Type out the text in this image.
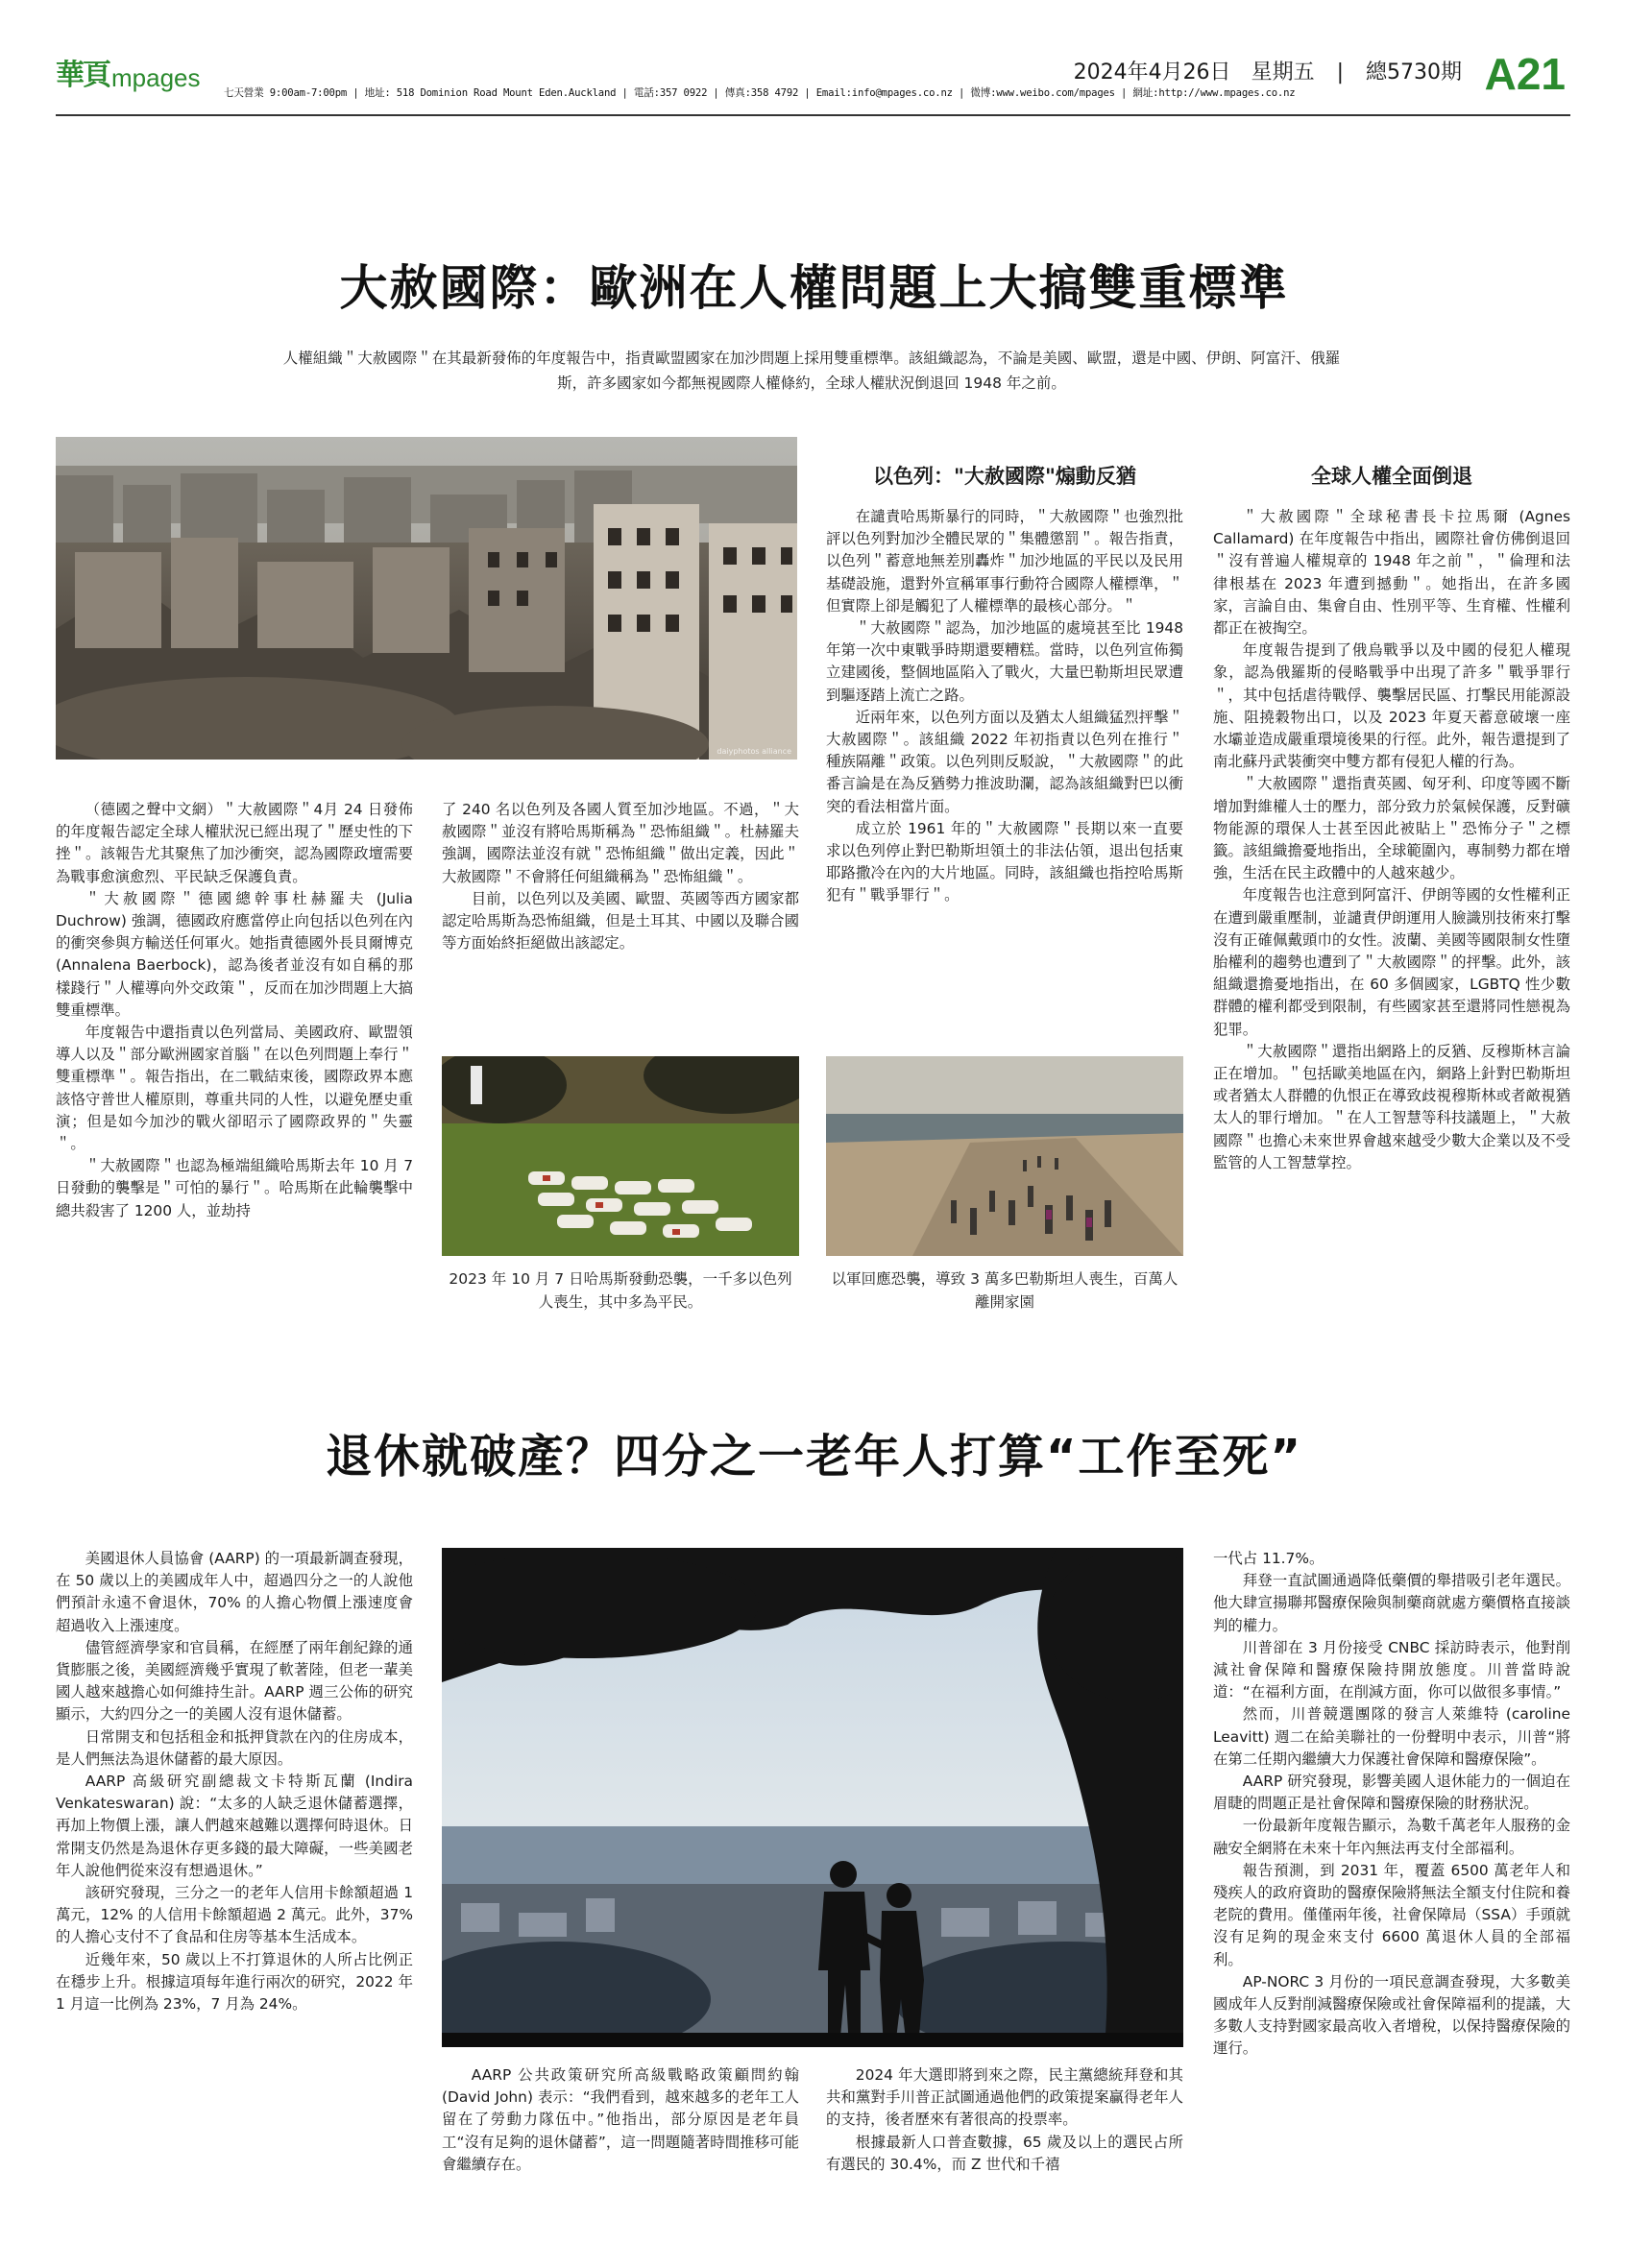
華頁 mpages
七天營業 9:00am-7:00pm | 地址: 518 Dominion Road Mount Eden.Auckland | 電話:357 0922 | 傳真:358 4792 | Email:info@mpages.co.nz | 微博:www.weibo.com/mpages | 網址:http://www.mpages.co.nz
2024年4月26日 星期五 | 總5730期 A21
大赦國際：歐洲在人權問題上大搞雙重標準
人權組織＂大赦國際＂在其最新發佈的年度報告中，指責歐盟國家在加沙問題上採用雙重標準。該組織認為，不論是美國、歐盟，還是中國、伊朗、阿富汗、俄羅斯，許多國家如今都無視國際人權條約，全球人權狀況倒退回 1948 年之前。
daiyphotos alliance

（德國之聲中文網）＂大赦國際＂4月 24 日發佈的年度報告認定全球人權狀況已經出現了＂歷史性的下挫＂。該報告尤其聚焦了加沙衝突，認為國際政壇需要為戰事愈演愈烈、平民缺乏保護負責。

＂大赦國際＂德國總幹事杜赫羅夫 (Julia Duchrow) 強調，德國政府應當停止向包括以色列在內的衝突參與方輸送任何軍火。她指責德國外長貝爾博克 (Annalena Baerbock)，認為後者並沒有如自稱的那樣踐行＂人權導向外交政策＂，反而在加沙問題上大搞雙重標準。

年度報告中還指責以色列當局、美國政府、歐盟領導人以及＂部分歐洲國家首腦＂在以色列問題上奉行＂雙重標準＂。報告指出，在二戰結束後，國際政界本應該恪守普世人權原則，尊重共同的人性，以避免歷史重演；但是如今加沙的戰火卻昭示了國際政界的＂失靈＂。

＂大赦國際＂也認為極端組織哈馬斯去年 10 月 7 日發動的襲擊是＂可怕的暴行＂。哈馬斯在此輪襲擊中總共殺害了 1200 人，並劫持

了 240 名以色列及各國人質至加沙地區。不過，＂大赦國際＂並沒有將哈馬斯稱為＂恐怖組織＂。杜赫羅夫強調，國際法並沒有就＂恐怖組織＂做出定義，因此＂大赦國際＂不會將任何組織稱為＂恐怖組織＂。

目前，以色列以及美國、歐盟、英國等西方國家都認定哈馬斯為恐怖組織，但是土耳其、中國以及聯合國等方面始終拒絕做出該認定。

以色列："大赦國際"煽動反猶

在譴責哈馬斯暴行的同時，＂大赦國際＂也強烈批評以色列對加沙全體民眾的＂集體懲罰＂。報告指責，以色列＂蓄意地無差別轟炸＂加沙地區的平民以及民用基礎設施，還對外宣稱軍事行動符合國際人權標準，＂但實際上卻是觸犯了人權標準的最核心部分。＂

＂大赦國際＂認為，加沙地區的處境甚至比 1948 年第一次中東戰爭時期還要糟糕。當時，以色列宣佈獨立建國後，整個地區陷入了戰火，大量巴勒斯坦民眾遭到驅逐踏上流亡之路。

近兩年來，以色列方面以及猶太人組織猛烈抨擊＂大赦國際＂。該組織 2022 年初指責以色列在推行＂種族隔離＂政策。以色列則反駁說，＂大赦國際＂的此番言論是在為反猶勢力推波助瀾，認為該組織對巴以衝突的看法相當片面。

成立於 1961 年的＂大赦國際＂長期以來一直要求以色列停止對巴勒斯坦領土的非法佔領，退出包括東耶路撒冷在內的大片地區。同時，該組織也指控哈馬斯犯有＂戰爭罪行＂。

全球人權全面倒退

＂大赦國際＂全球秘書長卡拉馬爾 (Agnes Callamard) 在年度報告中指出，國際社會仿佛倒退回＂沒有普遍人權規章的 1948 年之前＂，＂倫理和法律根基在 2023 年遭到撼動＂。她指出，在許多國家，言論自由、集會自由、性別平等、生育權、性權利都正在被掏空。

年度報告提到了俄烏戰爭以及中國的侵犯人權現象，認為俄羅斯的侵略戰爭中出現了許多＂戰爭罪行＂，其中包括虐待戰俘、襲擊居民區、打擊民用能源設施、阻撓穀物出口，以及 2023 年夏天蓄意破壞一座水壩並造成嚴重環境後果的行徑。此外，報告還提到了南北蘇丹武裝衝突中雙方都有侵犯人權的行為。

＂大赦國際＂還指責英國、匈牙利、印度等國不斷增加對維權人士的壓力，部分致力於氣候保護，反對礦物能源的環保人士甚至因此被貼上＂恐怖分子＂之標籤。該組織擔憂地指出，全球範圍內，專制勢力都在增強，生活在民主政體中的人越來越少。

年度報告也注意到阿富汗、伊朗等國的女性權利正在遭到嚴重壓制，並譴責伊朗運用人臉識別技術來打擊沒有正確佩戴頭巾的女性。波蘭、美國等國限制女性墮胎權利的趨勢也遭到了＂大赦國際＂的抨擊。此外，該組織還擔憂地指出，在 60 多個國家，LGBTQ 性少數群體的權利都受到限制，有些國家甚至還將同性戀視為犯罪。

＂大赦國際＂還指出網路上的反猶、反穆斯林言論正在增加。＂包括歐美地區在內，網路上針對巴勒斯坦或者猶太人群體的仇恨正在導致歧視穆斯林或者敵視猶太人的罪行增加。＂在人工智慧等科技議題上，＂大赦國際＂也擔心未來世界會越來越受少數大企業以及不受監管的人工智慧掌控。

2023 年 10 月 7 日哈馬斯發動恐襲，一千多以色列人喪生，其中多為平民。
以軍回應恐襲，導致 3 萬多巴勒斯坦人喪生，百萬人離開家園
退休就破產？四分之一老年人打算“工作至死”

美國退休人員協會 (AARP) 的一項最新調查發現，在 50 歲以上的美國成年人中，超過四分之一的人說他們預計永遠不會退休，70% 的人擔心物價上漲速度會超過收入上漲速度。

儘管經濟學家和官員稱，在經歷了兩年創紀錄的通貨膨脹之後，美國經濟幾乎實現了軟著陸，但老一輩美國人越來越擔心如何維持生計。AARP 週三公佈的研究顯示，大約四分之一的美國人沒有退休儲蓄。

日常開支和包括租金和抵押貸款在內的住房成本，是人們無法為退休儲蓄的最大原因。

AARP 高級研究副總裁文卡特斯瓦蘭 (Indira Venkateswaran) 說：“太多的人缺乏退休儲蓄選擇，再加上物價上漲，讓人們越來越難以選擇何時退休。日常開支仍然是為退休存更多錢的最大障礙，一些美國老年人說他們從來沒有想過退休。”

該研究發現，三分之一的老年人信用卡餘額超過 1 萬元，12% 的人信用卡餘額超過 2 萬元。此外，37% 的人擔心支付不了食品和住房等基本生活成本。

近幾年來，50 歲以上不打算退休的人所占比例正在穩步上升。根據這項每年進行兩次的研究，2022 年 1 月這一比例為 23%，7 月為 24%。

AARP 公共政策研究所高級戰略政策顧問約翰 (David John) 表示：“我們看到，越來越多的老年工人留在了勞動力隊伍中。”他指出，部分原因是老年員工“沒有足夠的退休儲蓄”，這一問題隨著時間推移可能會繼續存在。

2024 年大選即將到來之際，民主黨總統拜登和其共和黨對手川普正試圖通過他們的政策提案贏得老年人的支持，後者歷來有著很高的投票率。

根據最新人口普查數據，65 歲及以上的選民占所有選民的 30.4%，而 Z 世代和千禧

一代占 11.7%。

拜登一直試圖通過降低藥價的舉措吸引老年選民。他大肆宣揚聯邦醫療保險與制藥商就處方藥價格直接談判的權力。

川普卻在 3 月份接受 CNBC 採訪時表示，他對削減社會保障和醫療保險持開放態度。川普當時說道：“在福利方面，在削減方面，你可以做很多事情。”

然而，川普競選團隊的發言人萊維特 (caroline Leavitt) 週二在給美聯社的一份聲明中表示，川普“將在第二任期內繼續大力保護社會保障和醫療保險”。

AARP 研究發現，影響美國人退休能力的一個迫在眉睫的問題正是社會保障和醫療保險的財務狀況。

一份最新年度報告顯示，為數千萬老年人服務的金融安全網將在未來十年內無法再支付全部福利。

報告預測，到 2031 年，覆蓋 6500 萬老年人和殘疾人的政府資助的醫療保險將無法全額支付住院和養老院的費用。僅僅兩年後，社會保障局（SSA）手頭就沒有足夠的現金來支付 6600 萬退休人員的全部福利。

AP-NORC 3 月份的一項民意調查發現，大多數美國成年人反對削減醫療保險或社會保障福利的提議，大多數人支持對國家最高收入者增稅，以保持醫療保險的運行。
